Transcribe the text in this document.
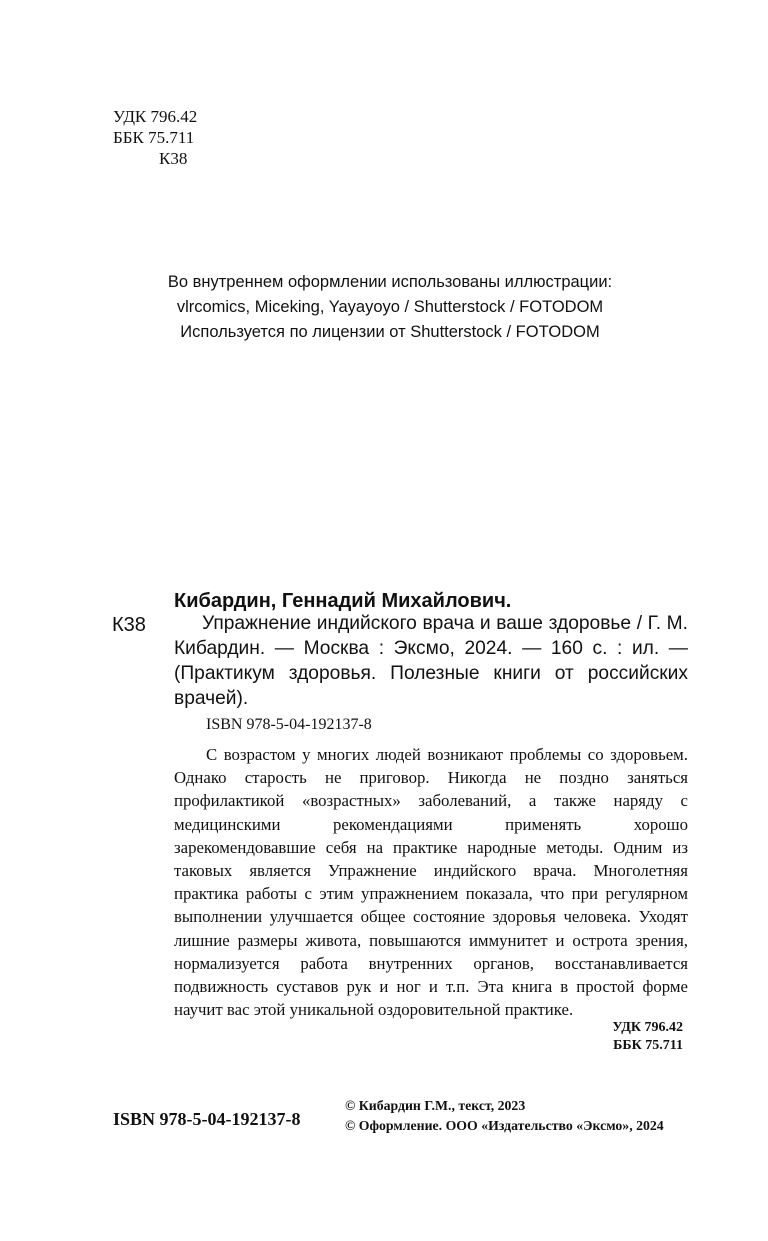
УДК 796.42
ББК 75.711
К38
Во внутреннем оформлении использованы иллюстрации:
vlrcomics, Miceking, Yayayoyo / Shutterstock / FOTODOM
Используется по лицензии от Shutterstock / FOTODOM
Кибардин, Геннадий Михайлович.
К38	Упражнение индийского врача и ваше здоровье / Г. М. Кибардин. — Москва : Эксмо, 2024. — 160 с. : ил. — (Практикум здоровья. Полезные книги от российских врачей).
ISBN 978-5-04-192137-8
С возрастом у многих людей возникают проблемы со здоровьем. Однако старость не приговор. Никогда не поздно заняться профилактикой «возрастных» заболеваний, а также наряду с медицинскими рекомендациями применять хорошо зарекомендовавшие себя на практике народные методы. Одним из таковых является Упражнение индийского врача. Многолетняя практика работы с этим упражнением показала, что при регулярном выполнении улучшается общее состояние здоровья человека. Уходят лишние размеры живота, повышаются иммунитет и острота зрения, нормализуется работа внутренних органов, восстанавливается подвижность суставов рук и ног и т.п. Эта книга в простой форме научит вас этой уникальной оздоровительной практике.
УДК 796.42
ББК 75.711
ISBN 978-5-04-192137-8
© Кибардин Г.М., текст, 2023
© Оформление. ООО «Издательство «Эксмо», 2024
